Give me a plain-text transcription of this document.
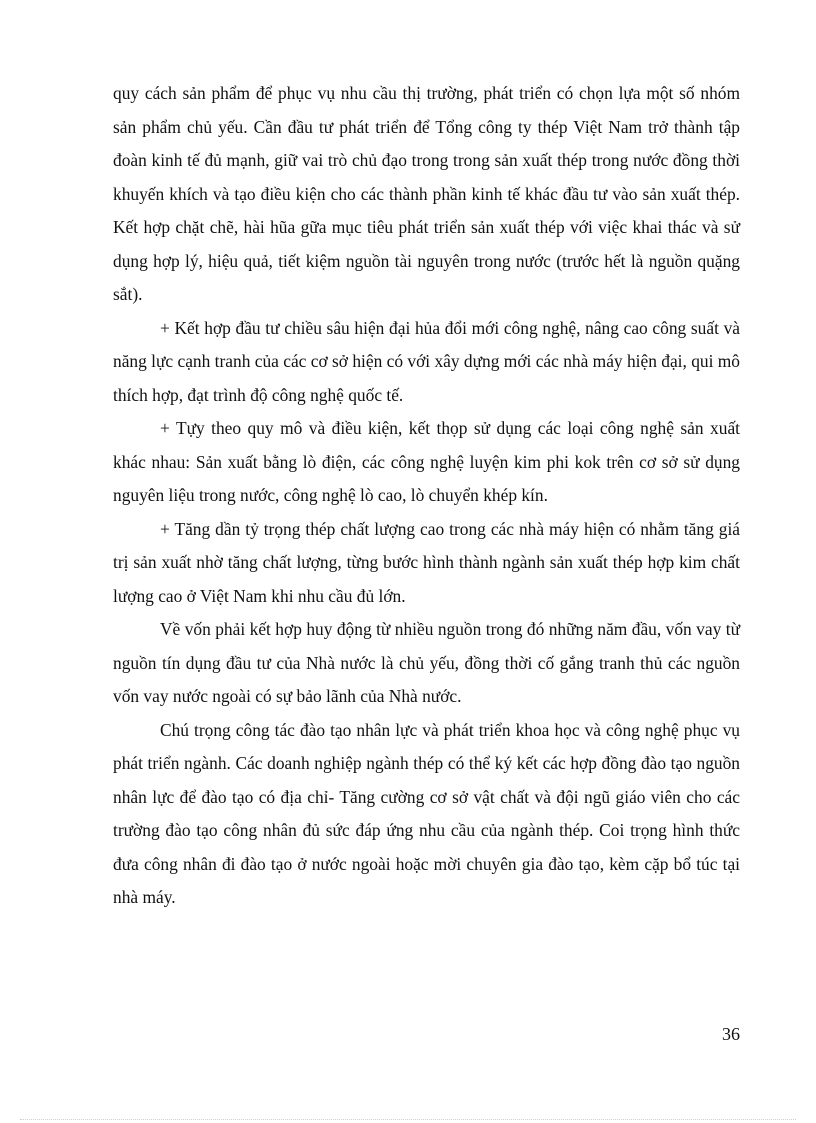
quy cách sản phẩm để phục vụ nhu cầu thị trường, phát triển có chọn lựa một số nhóm sản phẩm chủ yếu. Cần đầu tư phát triển để Tổng công ty thép Việt Nam trở thành tập đoàn kinh tế đủ mạnh, giữ vai trò chủ đạo trong trong sản xuất thép trong nước đồng thời khuyến khích và tạo điều kiện cho các thành phần kinh tế khác đầu tư vào sản xuất thép. Kết hợp chặt chẽ, hài hũa gữa mục tiêu phát triển sản xuất thép với việc khai thác và sử dụng hợp lý, hiệu quả, tiết kiệm nguồn tài nguyên trong nước (trước hết là nguồn quặng sắt).

+ Kết hợp đầu tư chiều sâu hiện đại hủa đổi mới công nghệ, nâng cao công suất và năng lực cạnh tranh của các cơ sở hiện có với xây dựng mới các nhà máy hiện đại, qui mô thích hợp, đạt trình độ công nghệ quốc tế.

+ Tựy theo quy mô và điều kiện, kết thọp sử dụng các loại công nghệ sản xuất khác nhau: Sản xuất bằng lò điện, các công nghệ luyện kim phi kok trên cơ sở sử dụng nguyên liệu trong nước, công nghệ lò cao, lò chuyển khép kín.

+ Tăng dần tỷ trọng thép chất lượng cao trong các nhà máy hiện có nhằm tăng giá trị sản xuất nhờ tăng chất lượng, từng bước hình thành ngành sản xuất thép hợp kim chất lượng cao ở Việt Nam khi nhu cầu đủ lớn.

Về vốn phải kết hợp huy động từ nhiều nguồn trong đó những năm đầu, vốn vay từ nguồn tín dụng đầu tư của Nhà nước là chủ yếu, đồng thời cố gắng tranh thủ các nguồn vốn vay nước ngoài có sự bảo lãnh của Nhà nước.

Chú trọng công tác đào tạo nhân lực và phát triển khoa học và công nghệ phục vụ phát triển ngành. Các doanh nghiệp ngành thép có thể ký kết các hợp đồng đào tạo nguồn nhân lực để đào tạo có địa chỉ- Tăng cường cơ sở vật chất và đội ngũ giáo viên cho các trường đào tạo công nhân đủ sức đáp ứng nhu cầu của ngành thép. Coi trọng hình thức đưa công nhân đi đào tạo ở nước ngoài hoặc mời chuyên gia đào tạo, kèm cặp bổ túc tại nhà máy.

36
